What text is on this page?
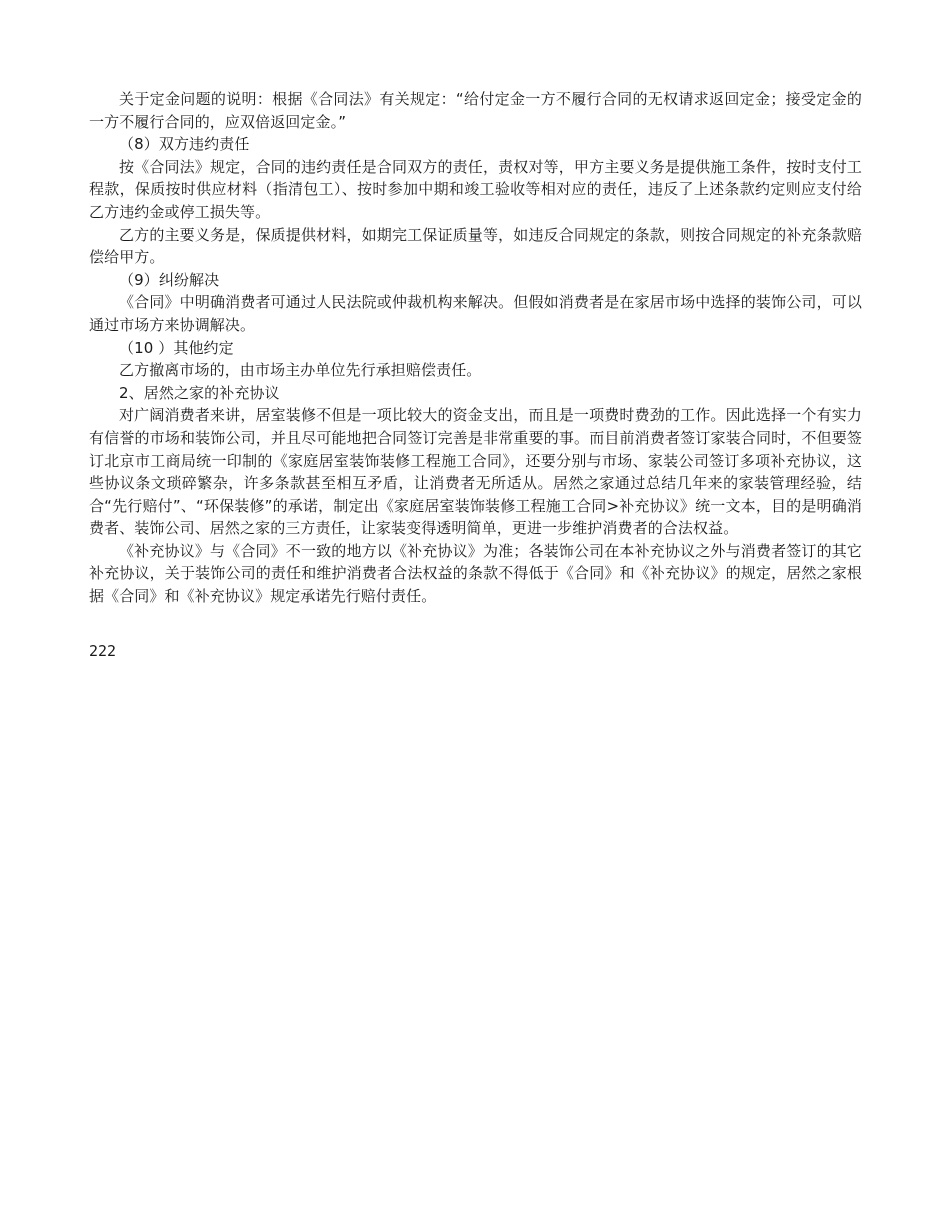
关于定金问题的说明：根据《合同法》有关规定：“给付定金一方不履行合同的无权请求返回定金；接受定金的一方不履行合同的，应双倍返回定金。”

（8）双方违约责任

按《合同法》规定，合同的违约责任是合同双方的责任，责权对等，甲方主要义务是提供施工条件，按时支付工程款，保质按时供应材料（指清包工）、按时参加中期和竣工验收等相对应的责任，违反了上述条款约定则应支付给乙方违约金或停工损失等。

乙方的主要义务是，保质提供材料，如期完工保证质量等，如违反合同规定的条款，则按合同规定的补充条款赔偿给甲方。

（9）纠纷解决

《合同》中明确消费者可通过人民法院或仲裁机构来解决。但假如消费者是在家居市场中选择的装饰公司，可以通过市场方来协调解决。

（10 ）其他约定

乙方撤离市场的，由市场主办单位先行承担赔偿责任。

2、居然之家的补充协议

对广阔消费者来讲，居室装修不但是一项比较大的资金支出，而且是一项费时费劲的工作。因此选择一个有实力有信誉的市场和装饰公司，并且尽可能地把合同签订完善是非常重要的事。而目前消费者签订家装合同时，不但要签订北京市工商局统一印制的《家庭居室装饰装修工程施工合同》，还要分别与市场、家装公司签订多项补充协议，这些协议条文琐碎繁杂，许多条款甚至相互矛盾，让消费者无所适从。居然之家通过总结几年来的家装管理经验，结合“先行赔付”、“环保装修”的承诺，制定出《家庭居室装饰装修工程施工合同>补充协议》统一文本，目的是明确消费者、装饰公司、居然之家的三方责任，让家装变得透明简单，更进一步维护消费者的合法权益。

《补充协议》与《合同》不一致的地方以《补充协议》为准；各装饰公司在本补充协议之外与消费者签订的其它补充协议，关于装饰公司的责任和维护消费者合法权益的条款不得低于《合同》和《补充协议》的规定，居然之家根据《合同》和《补充协议》规定承诺先行赔付责任。

222
